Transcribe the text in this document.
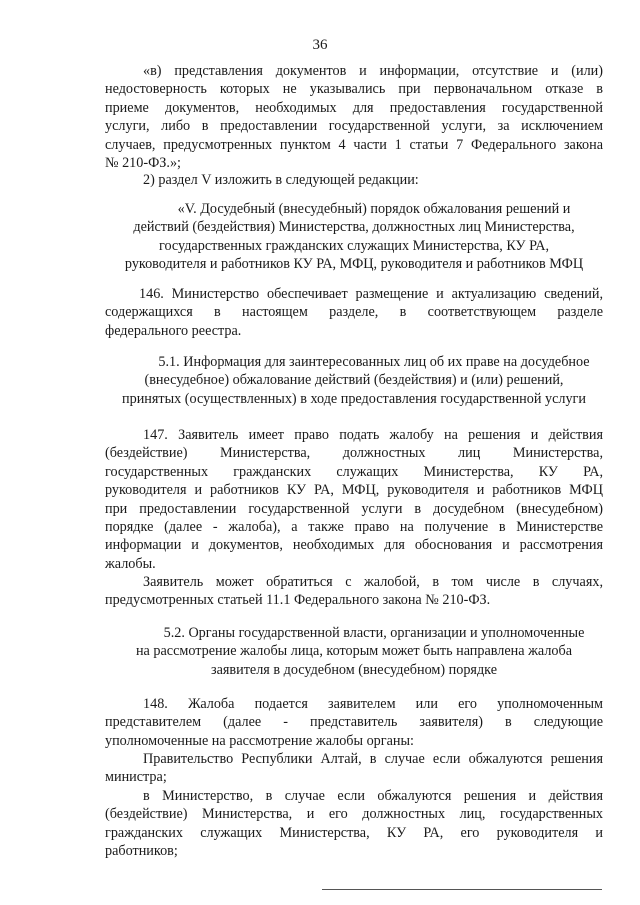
36
«в) представления документов и информации, отсутствие и (или)
недостоверность которых не указывались при первоначальном отказе в
приеме документов, необходимых для предоставления государственной
услуги, либо в предоставлении государственной услуги, за исключением
случаев, предусмотренных пунктом 4 части 1 статьи 7 Федерального закона
№ 210-ФЗ.»;
2) раздел V изложить в следующей редакции:
«V. Досудебный (внесудебный) порядок обжалования решений и
действий (бездействия) Министерства, должностных лиц Министерства,
государственных гражданских служащих Министерства, КУ РА,
руководителя и работников КУ РА, МФЦ, руководителя и работников МФЦ
146. Министерство обеспечивает размещение и актуализацию сведений,
содержащихся в настоящем разделе, в соответствующем разделе
федерального реестра.
5.1. Информация для заинтересованных лиц об их праве на досудебное
(внесудебное) обжалование действий (бездействия) и (или) решений,
принятых (осуществленных) в ходе предоставления государственной услуги
147. Заявитель имеет право подать жалобу на решения и действия
(бездействие) Министерства, должностных лиц Министерства,
государственных гражданских служащих Министерства, КУ РА,
руководителя и работников КУ РА, МФЦ, руководителя и работников МФЦ
при предоставлении государственной услуги в досудебном (внесудебном)
порядке (далее - жалоба), а также право на получение в Министерстве
информации и документов, необходимых для обоснования и рассмотрения
жалобы.
Заявитель может обратиться с жалобой, в том числе в случаях,
предусмотренных статьей 11.1 Федерального закона № 210-ФЗ.
5.2. Органы государственной власти, организации и уполномоченные
на рассмотрение жалобы лица, которым может быть направлена жалоба
заявителя в досудебном (внесудебном) порядке
148. Жалоба подается заявителем или его уполномоченным
представителем (далее - представитель заявителя) в следующие
уполномоченные на рассмотрение жалобы органы:
Правительство Республики Алтай, в случае если обжалуются решения
министра;
в Министерство, в случае если обжалуются решения и действия
(бездействие) Министерства, и его должностных лиц, государственных
гражданских служащих Министерства, КУ РА, его руководителя и
работников;
